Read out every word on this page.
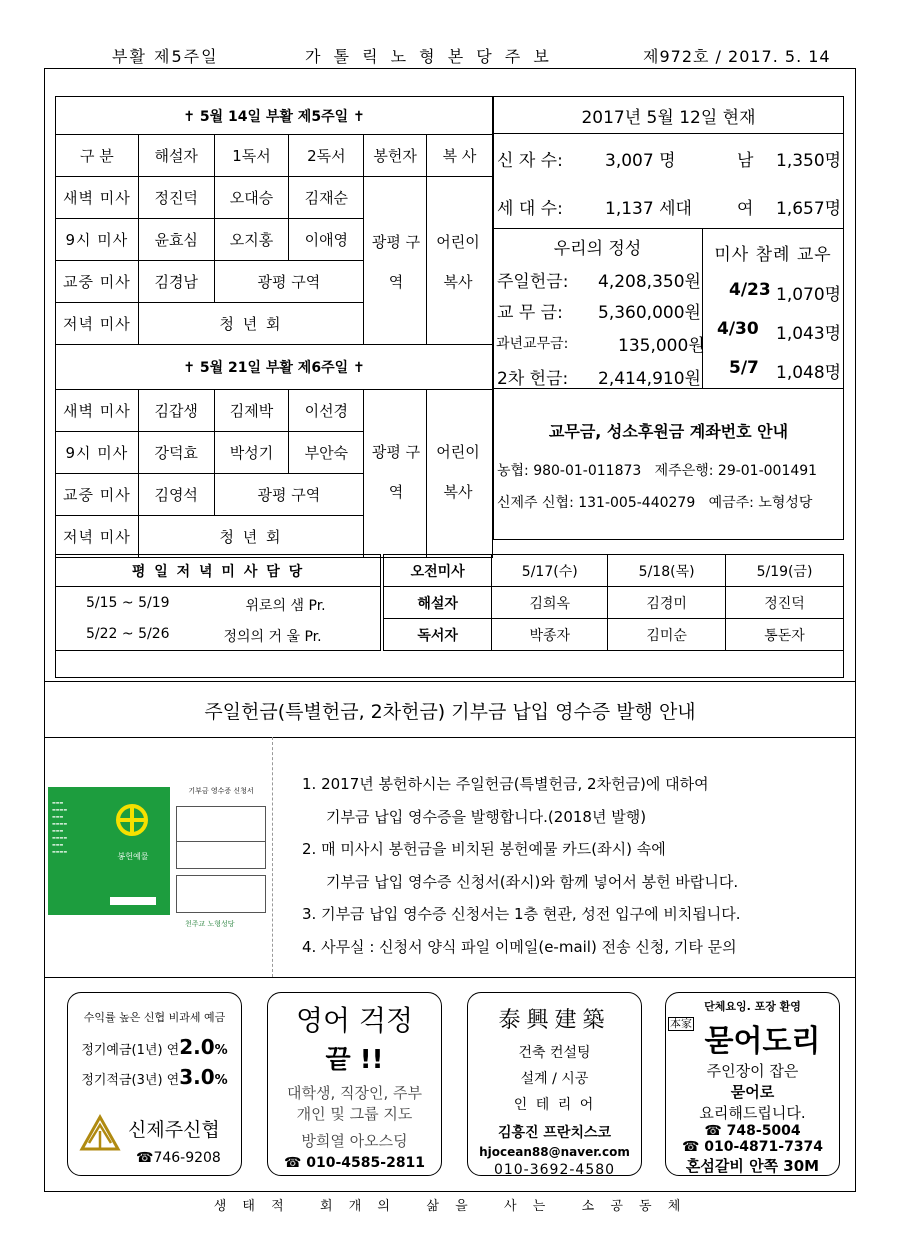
부활 제5주일	가 톨 릭 노 형 본 당 주 보	제972호 / 2017. 5. 14
✝ 5월 14일 부활 제5주일 ✝					
구 분	해설자	1독서	2독서	봉헌자	복 사
새벽 미사	정진덕	오대승	김재순		
9시 미사	윤효심	오지홍	이애영		
교중 미사	김경남	광평 구역			
저녁 미사	청 년 회				
✝ 5월 21일 부활 제6주일 ✝					
새벽 미사	김갑생	김제박	이선경		
9시 미사	강덕효	박성기	부안숙		
교중 미사	김영석	광평 구역			
저녁 미사	청 년 회				
광평 구역
어린이 복사
광평 구역
어린이 복사
2017년 5월 12일 현재
신 자 수: 3,007 명	남 1,350명
세 대 수: 1,137 세대	여 1,657명
우리의 정성
주일헌금: 4,208,350원
교 무 금: 5,360,000원
과년교무금:	135,000원
2차 헌금: 2,414,910원
미사 참례 교우
4/23 1,070명
4/30 1,043명
5/7 1,048명
교무금, 성소후원금 계좌번호 안내
농협: 980-01-011873   제주은행: 29-01-001491
신제주 신협: 131-005-440279   예금주: 노형성당
평 일 저 녁 미 사 담 당	오전미사	5/17(수)	5/18(목)	5/19(금)
5/15 ~ 5/19 위로의 샘 Pr.	해설자	김희옥	김경미	정진덕
5/22 ~ 5/26 정의의 거 울 Pr.	독서자	박종자	김미순	통돈자

주일헌금(특별헌금, 2차헌금) 기부금 납입 영수증 발행 안내
▬▬▬
▬▬▬▬
▬▬▬
▬▬▬▬
▬▬▬
▬▬▬▬
▬▬▬
▬▬▬▬
봉헌예물
기부금 영수증 신청서
천주교 노형성당
1. 2017년 봉헌하시는 주일헌금(특별헌금, 2차헌금)에 대하여
기부금 납입 영수증을 발행합니다.(2018년 발행)
2. 매 미사시 봉헌금을 비치된 봉헌예물 카드(좌시) 속에
기부금 납입 영수증 신청서(좌시)와 함께 넣어서 봉헌 바랍니다.
3. 기부금 납입 영수증 신청서는 1층 현관, 성전 입구에 비치됩니다.
4. 사무실 : 신청서 양식 파일 이메일(e-mail) 전송 신청, 기타 문의
수익률 높은 신협 비과세 예금
정기예금(1년) 연2.0%
정기적금(3년) 연3.0%
신제주신협
☎746-9208
영어 걱정
끝 !!
대학생, 직장인, 주부
개인 및 그룹 지도
방희열 아오스딩
☎ 010-4585-2811
泰興建築
건축 컨설팅
설계 / 시공
인 테 리 어
김흥진 프란치스코
hjocean88@naver.com
010-3692-4580
단체요잉. 포장 환영
本家
묻어도리
주인장이 잡은
묻어로
요리해드립니다.
☎ 748-5004
☎ 010-4871-7374
혼섬갈비 안쪽 30M
생 태 적   회 개 의   삶 을   사 는   소 공 동 체
